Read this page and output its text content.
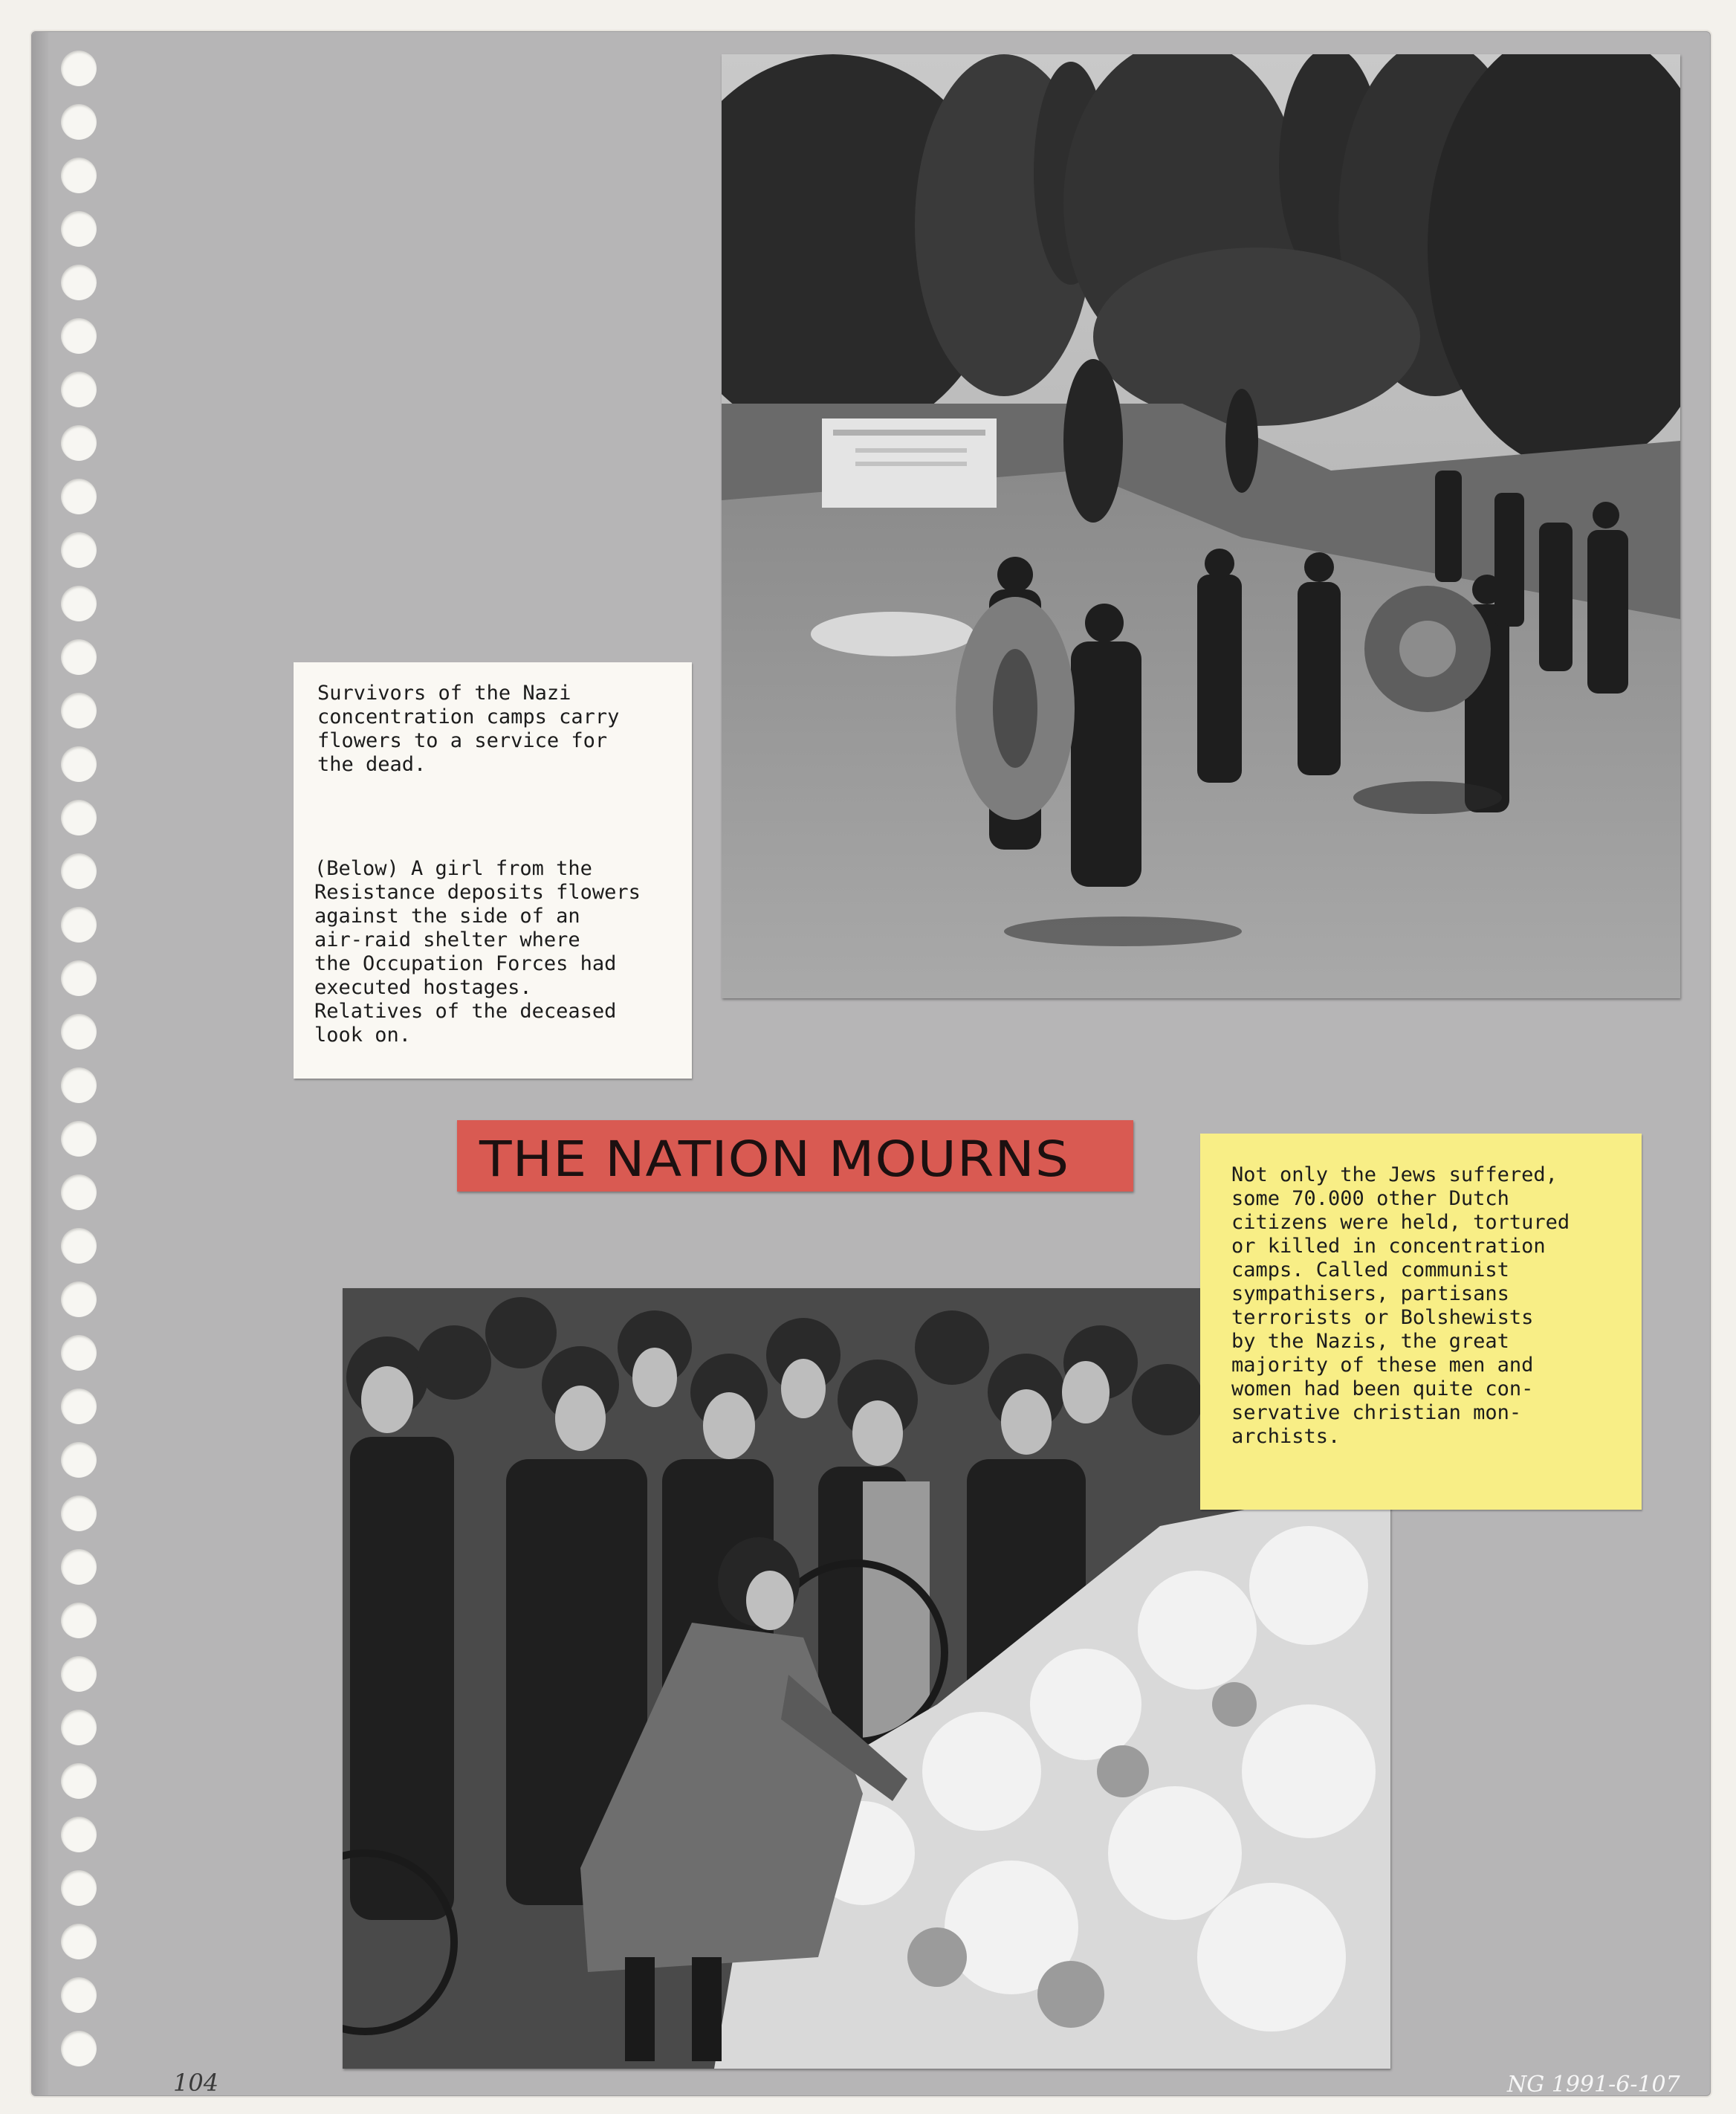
Survivors of the Nazi
concentration camps carry
flowers to a service for
the dead.

(Below) A girl from the
Resistance deposits flowers
against the side of an
air-raid shelter where
the Occupation Forces had
executed hostages.
Relatives of the deceased
look on.

THE NATION MOURNS	Not only the Jews suffered,
some 70.000 other Dutch
citizens were held, tortured
or killed in concentration
camps. Called communist
sympathisers, partisans
terrorists or Bolshewists
by the Nazis, the great
majority of these men and
women had been quite con-
servative christian mon-
archists.

104	NG 1991-6-107
